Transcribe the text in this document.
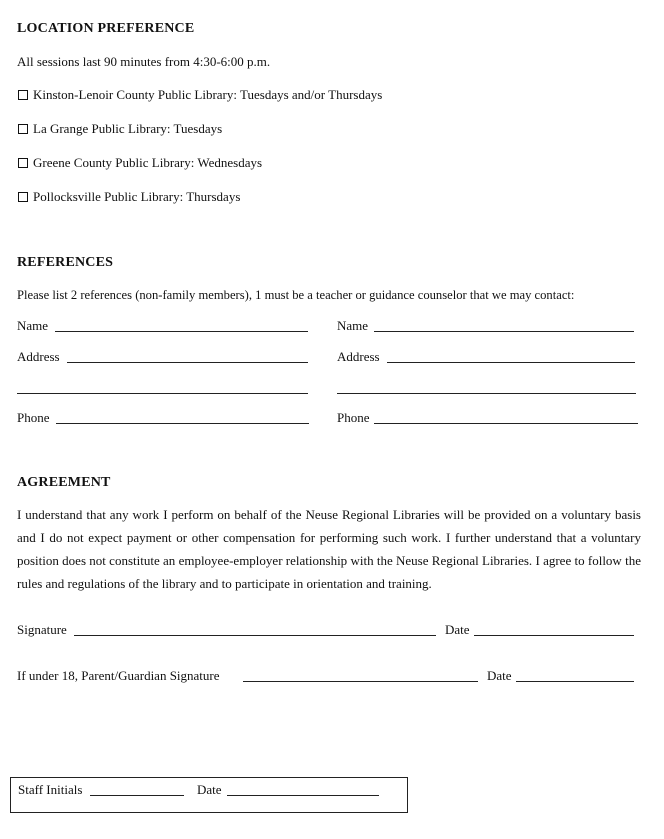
LOCATION PREFERENCE
All sessions last 90 minutes from 4:30-6:00 p.m.
Kinston-Lenoir County Public Library: Tuesdays and/or Thursdays
La Grange Public Library: Tuesdays
Greene County Public Library: Wednesdays
Pollocksville Public Library: Thursdays
REFERENCES
Please list 2 references (non-family members), 1 must be a teacher or guidance counselor that we may contact:
Name
Address
Phone
Name
Address
Phone
AGREEMENT
I understand that any work I perform on behalf of the Neuse Regional Libraries will be provided on a voluntary basis and I do not expect payment or other compensation for performing such work. I further understand that a voluntary position does not constitute an employee-employer relationship with the Neuse Regional Libraries. I agree to follow the rules and regulations of the library and to participate in orientation and training.
Signature	Date
If under 18, Parent/Guardian Signature	Date
Staff Initials	Date
